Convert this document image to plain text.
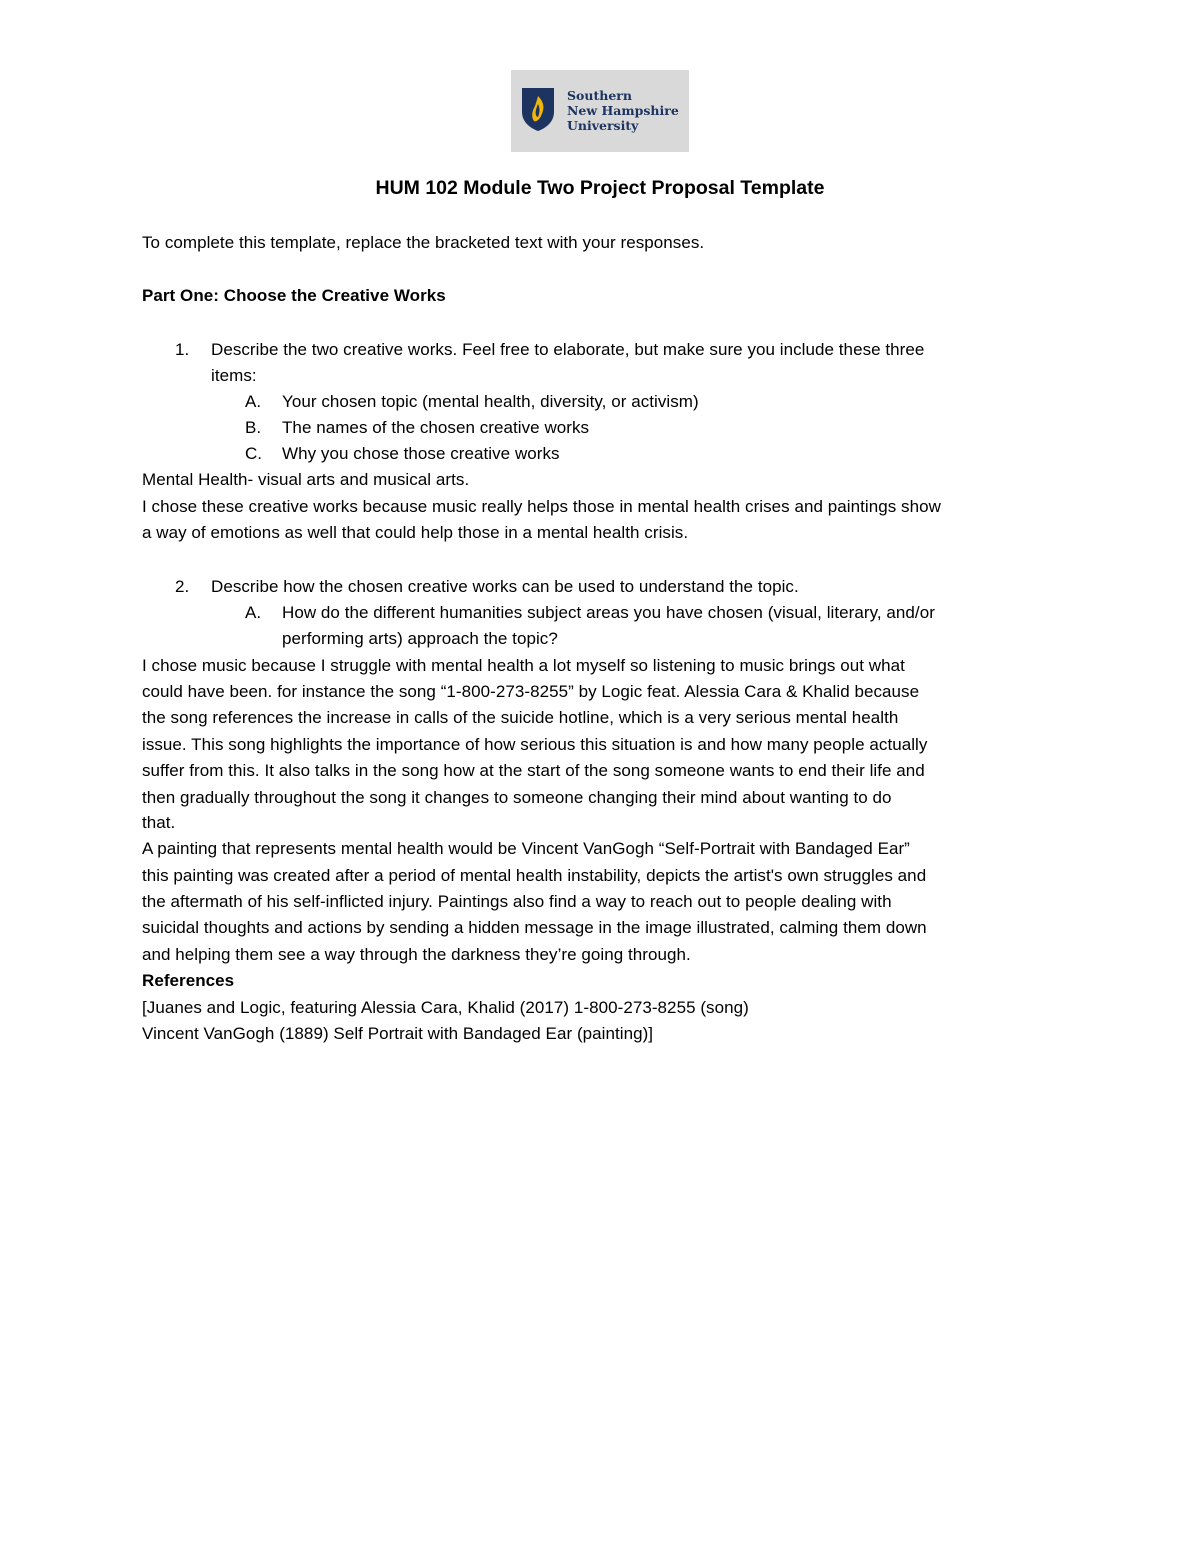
Southern
New Hampshire
University
HUM 102 Module Two Project Proposal Template
To complete this template, replace the bracketed text with your responses.
Part One: Choose the Creative Works
1. Describe the two creative works. Feel free to elaborate, but make sure you include these three
items:
A. Your chosen topic (mental health, diversity, or activism)
B. The names of the chosen creative works
C. Why you chose those creative works
Mental Health- visual arts and musical arts.
I chose these creative works because music really helps those in mental health crises and paintings show
a way of emotions as well that could help those in a mental health crisis.
2. Describe how the chosen creative works can be used to understand the topic.
A. How do the different humanities subject areas you have chosen (visual, literary, and/or
performing arts) approach the topic?
I chose music because I struggle with mental health a lot myself so listening to music brings out what
could have been. for instance the song “1-800-273-8255” by Logic feat. Alessia Cara & Khalid because
the song references the increase in calls of the suicide hotline, which is a very serious mental health
issue. This song highlights the importance of how serious this situation is and how many people actually
suffer from this. It also talks in the song how at the start of the song someone wants to end their life and
then gradually throughout the song it changes to someone changing their mind about wanting to do
that.
A painting that represents mental health would be Vincent VanGogh “Self-Portrait with Bandaged Ear”
this painting was created after a period of mental health instability, depicts the artist's own struggles and
the aftermath of his self-inflicted injury. Paintings also find a way to reach out to people dealing with
suicidal thoughts and actions by sending a hidden message in the image illustrated, calming them down
and helping them see a way through the darkness they’re going through.
References
[Juanes and Logic, featuring Alessia Cara, Khalid (2017) 1-800-273-8255 (song)
Vincent VanGogh (1889) Self Portrait with Bandaged Ear (painting)]
